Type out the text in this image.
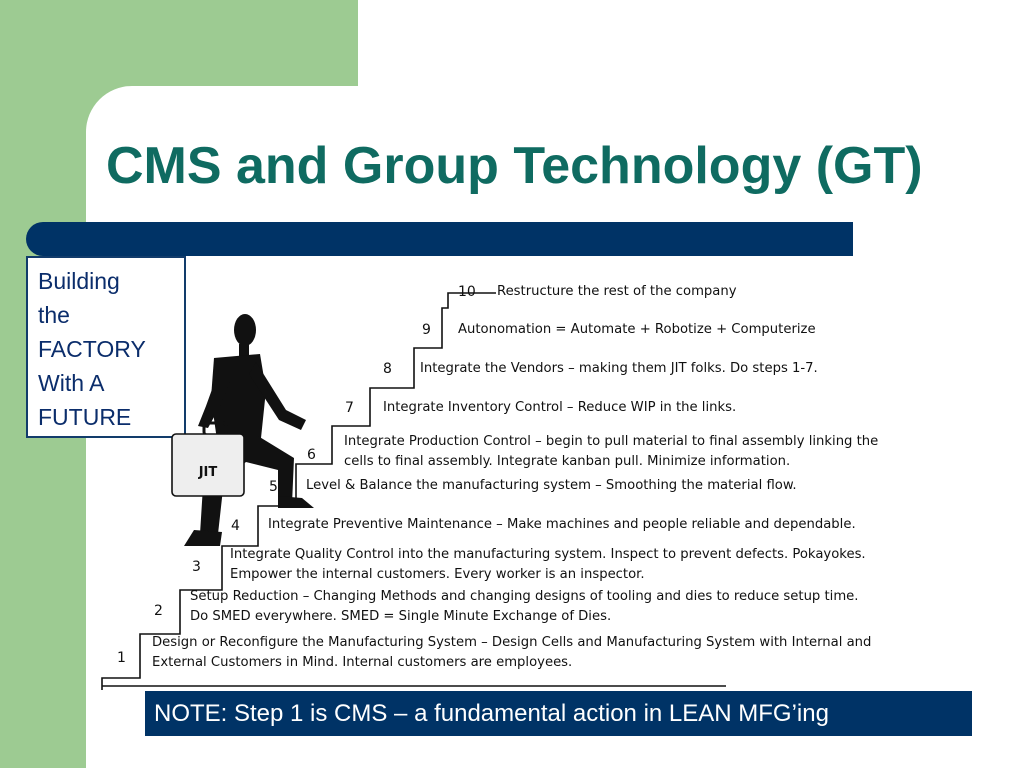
CMS and Group Technology (GT)
Building
the
FACTORY
With A
FUTURE
JIT
1
Design or Reconfigure the Manufacturing System – Design Cells and Manufacturing System with Internal and
External Customers in Mind. Internal customers are employees.
2
Setup Reduction – Changing Methods and changing designs of tooling and dies to reduce setup time.
Do SMED everywhere. SMED = Single Minute Exchange of Dies.
3
Integrate Quality Control into the manufacturing system. Inspect to prevent defects. Pokayokes.
Empower the internal customers. Every worker is an inspector.
4 Integrate Preventive Maintenance – Make machines and people reliable and dependable.
5 Level & Balance the manufacturing system – Smoothing the material flow.
6
Integrate Production Control – begin to pull material to final assembly linking the
cells to final assembly. Integrate kanban pull. Minimize information.
7 Integrate Inventory Control – Reduce WIP in the links.
8 Integrate the Vendors – making them JIT folks. Do steps 1-7.
9 Autonomation = Automate + Robotize + Computerize
10 Restructure the rest of the company
NOTE: Step 1 is CMS – a fundamental action in LEAN MFG’ing
